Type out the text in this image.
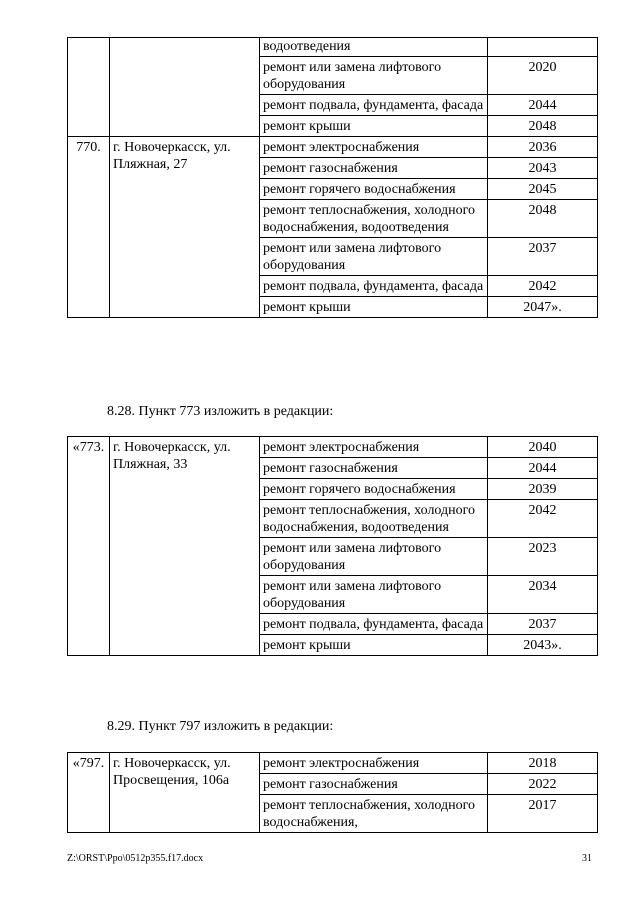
		водоотведения	
		ремонт или замена лифтового оборудования	2020
		ремонт подвала, фундамента, фасада	2044
		ремонт крыши	2048
770.	г. Новочеркасск, ул. Пляжная, 27	ремонт электроснабжения	2036
		ремонт газоснабжения	2043
		ремонт горячего водоснабжения	2045
		ремонт теплоснабжения, холодного водоснабжения, водоотведения	2048
		ремонт или замена лифтового оборудования	2037
		ремонт подвала, фундамента, фасада	2042
		ремонт крыши	2047».
8.28. Пункт 773 изложить в редакции:
«773.	г. Новочеркасск, ул. Пляжная, 33	ремонт электроснабжения	2040
		ремонт газоснабжения	2044
		ремонт горячего водоснабжения	2039
		ремонт теплоснабжения, холодного водоснабжения, водоотведения	2042
		ремонт или замена лифтового оборудования	2023
		ремонт или замена лифтового оборудования	2034
		ремонт подвала, фундамента, фасада	2037
		ремонт крыши	2043».
8.29. Пункт 797 изложить в редакции:
«797.	г. Новочеркасск, ул. Просвещения, 106а	ремонт электроснабжения	2018
		ремонт газоснабжения	2022
		ремонт теплоснабжения, холодного водоснабжения,	2017
Z:\ORST\Ppo\0512p355.f17.docx	31
